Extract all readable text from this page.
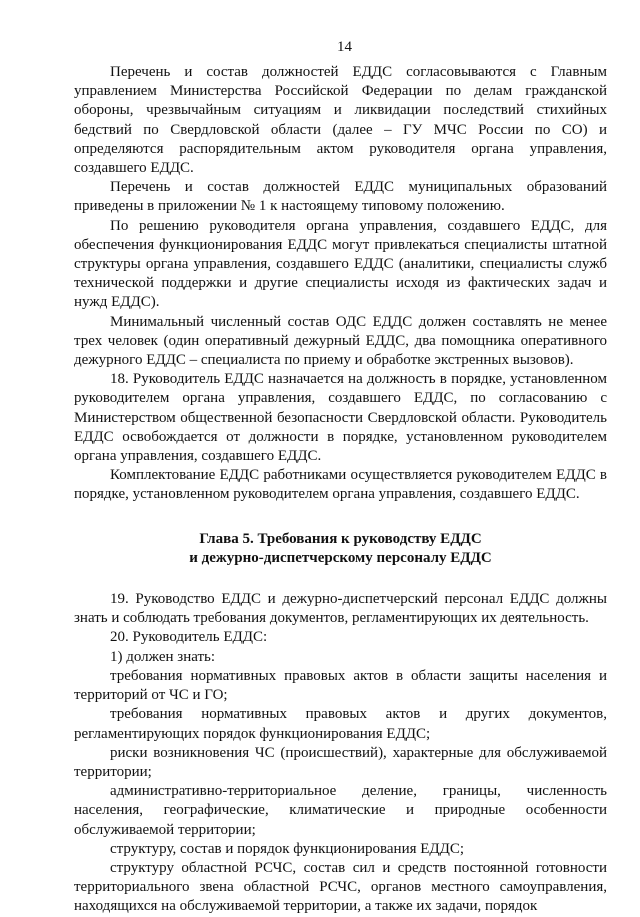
14

Перечень и состав должностей ЕДДС согласовываются с Главным управлением Министерства Российской Федерации по делам гражданской обороны, чрезвычайным ситуациям и ликвидации последствий стихийных бедствий по Свердловской области (далее – ГУ МЧС России по СО) и определяются распорядительным актом руководителя органа управления, создавшего ЕДДС.

Перечень и состав должностей ЕДДС муниципальных образований приведены в приложении № 1 к настоящему типовому положению.

По решению руководителя органа управления, создавшего ЕДДС, для обеспечения функционирования ЕДДС могут привлекаться специалисты штатной структуры органа управления, создавшего ЕДДС (аналитики, специалисты служб технической поддержки и другие специалисты исходя из фактических задач и нужд ЕДДС).

Минимальный численный состав ОДС ЕДДС должен составлять не менее трех человек (один оперативный дежурный ЕДДС, два помощника оперативного дежурного ЕДДС – специалиста по приему и обработке экстренных вызовов).

18. Руководитель ЕДДС назначается на должность в порядке, установленном руководителем органа управления, создавшего ЕДДС, по согласованию с Министерством общественной безопасности Свердловской области. Руководитель ЕДДС освобождается от должности в порядке, установленном руководителем органа управления, создавшего ЕДДС.

Комплектование ЕДДС работниками осуществляется руководителем ЕДДС в порядке, установленном руководителем органа управления, создавшего ЕДДС.

Глава 5. Требования к руководству ЕДДС
и дежурно-диспетчерскому персоналу ЕДДС

19. Руководство ЕДДС и дежурно-диспетчерский персонал ЕДДС должны знать и соблюдать требования документов, регламентирующих их деятельность.

20. Руководитель ЕДДС:

1) должен знать:

требования нормативных правовых актов в области защиты населения и территорий от ЧС и ГО;

требования нормативных правовых актов и других документов, регламентирующих порядок функционирования ЕДДС;

риски возникновения ЧС (происшествий), характерные для обслуживаемой территории;

административно-территориальное деление, границы, численность населения, географические, климатические и природные особенности обслуживаемой территории;

структуру, состав и порядок функционирования ЕДДС;

структуру областной РСЧС, состав сил и средств постоянной готовности территориального звена областной РСЧС, органов местного самоуправления, находящихся на обслуживаемой территории, а также их задачи, порядок
